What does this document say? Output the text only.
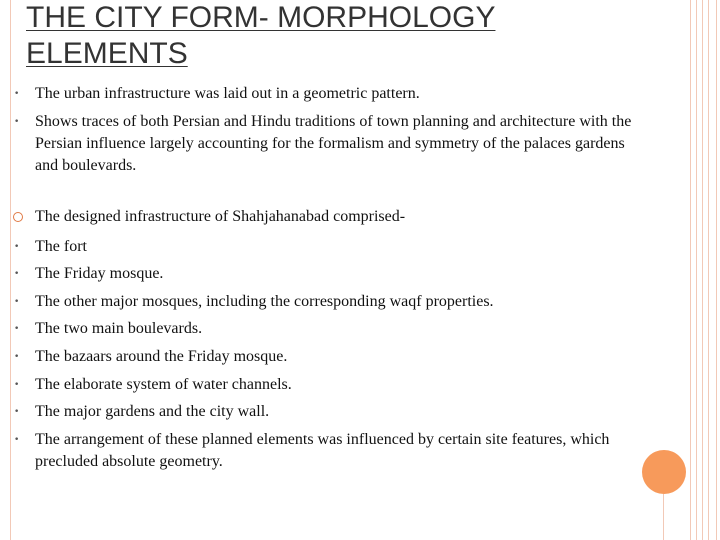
THE CITY FORM- MORPHOLOGY ELEMENTS
• The urban infrastructure was laid out in a geometric pattern.
• Shows traces of both Persian and Hindu traditions of town planning and architecture with the Persian influence largely accounting for the formalism and symmetry of the palaces gardens and boulevards.
The designed infrastructure of Shahjahanabad comprised-
• The fort
• The Friday mosque.
• The other major mosques, including the corresponding waqf properties.
• The two main boulevards.
• The bazaars around the Friday mosque.
• The elaborate system of water channels.
• The major gardens and the city wall.
• The arrangement of these planned elements was influenced by certain site features, which precluded absolute geometry.
